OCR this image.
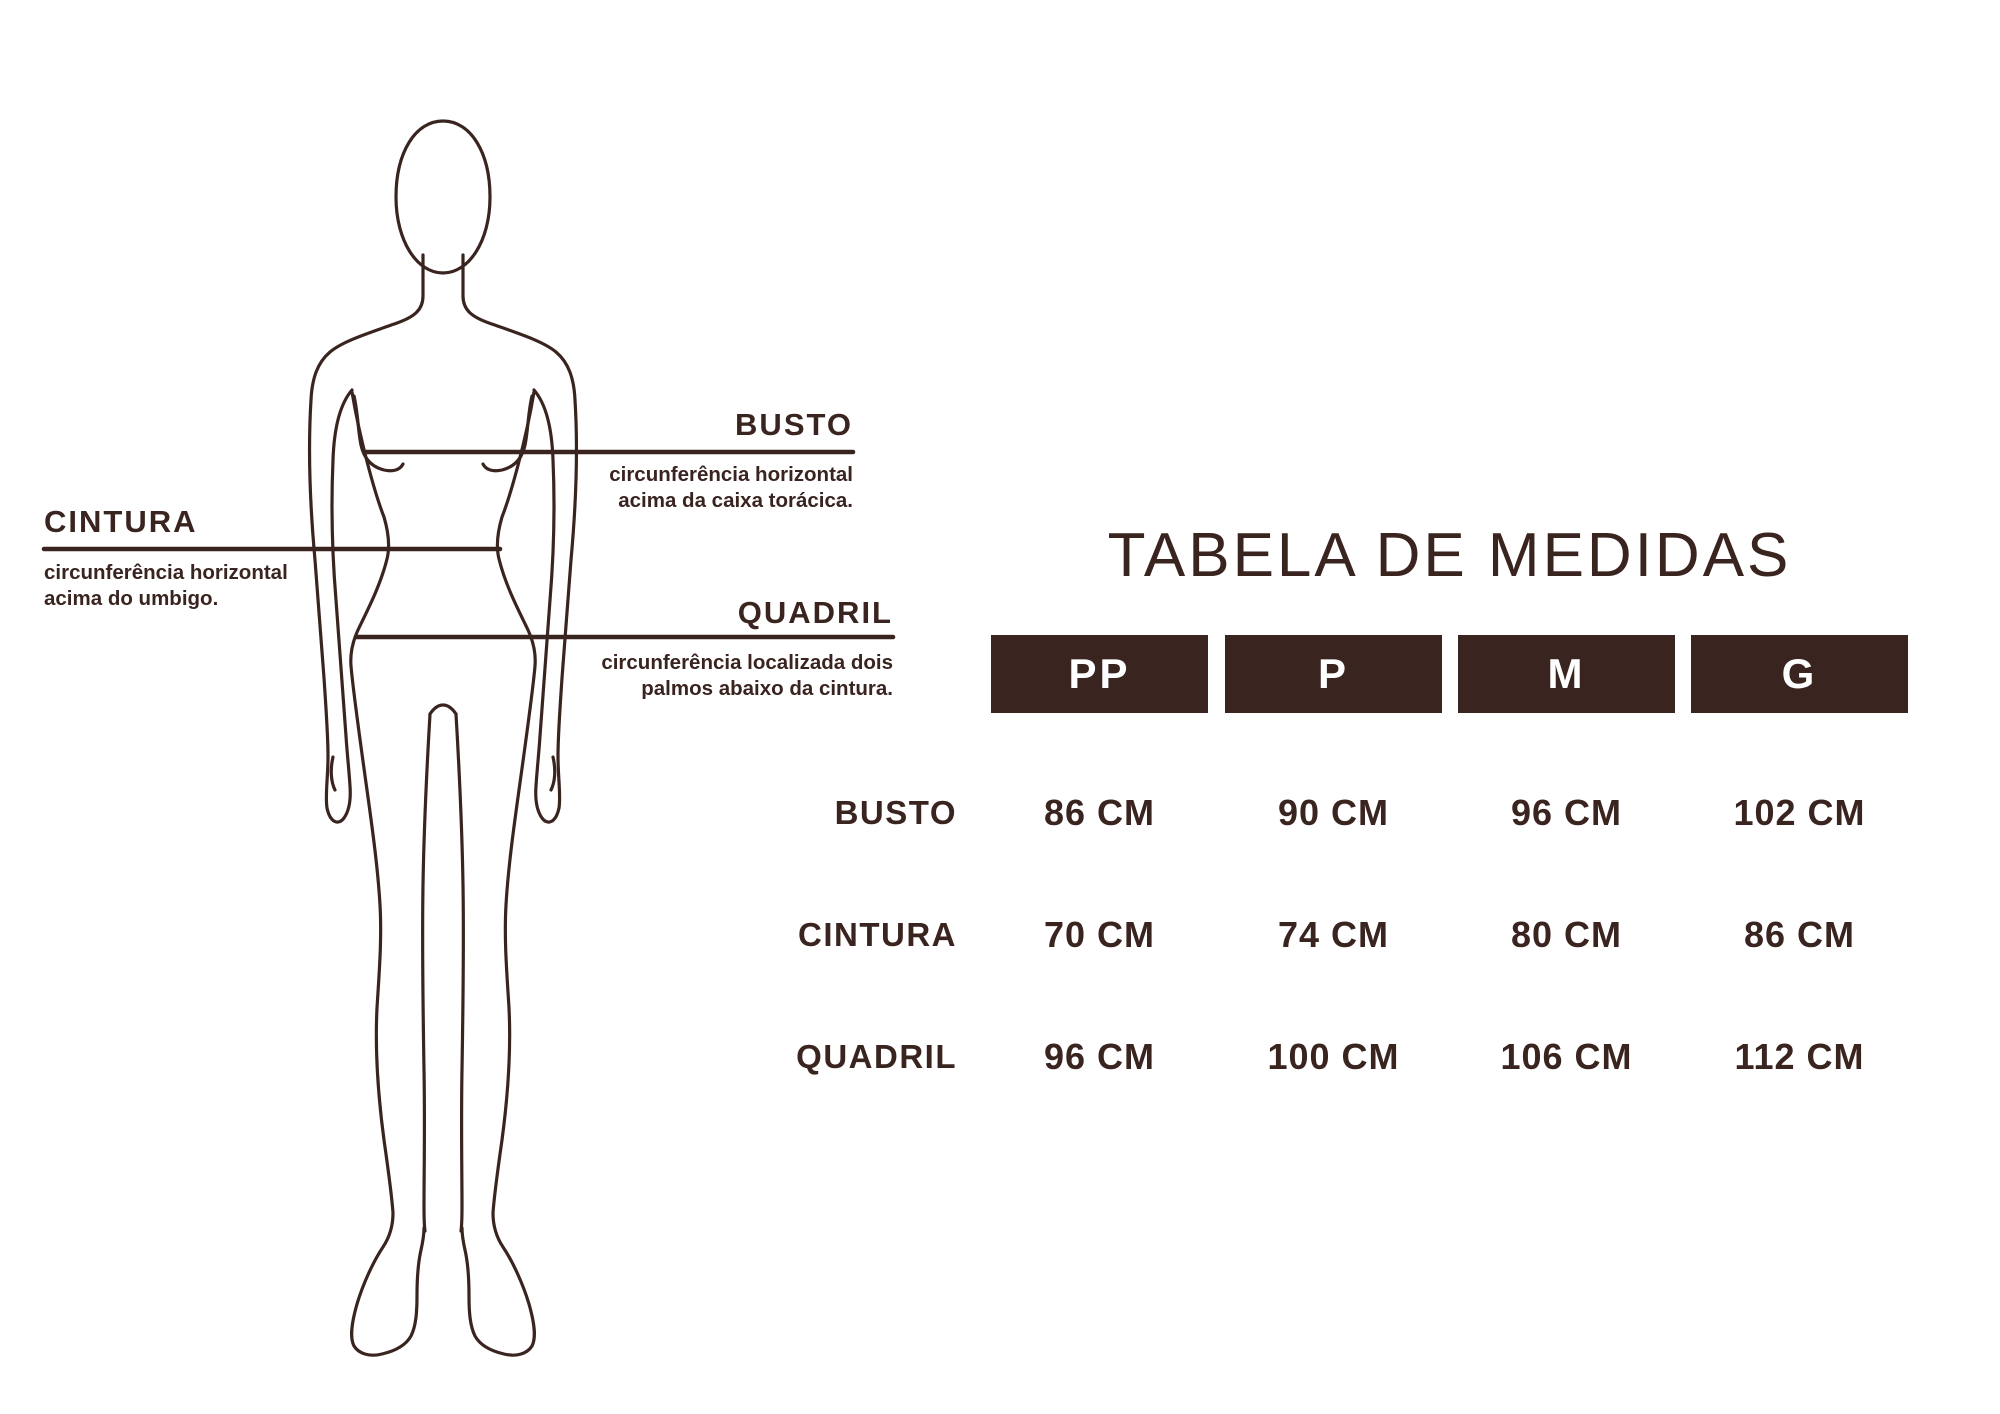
BUSTO
circunferência horizontal
acima da caixa torácica.
CINTURA
circunferência horizontal
acima do umbigo.	QUADRIL
circunferência localizada dois
palmos abaixo da cintura.
TABELA DE MEDIDAS
PP	P	M	G
BUSTO	86 CM	90 CM	96 CM	102 CM
CINTURA	70 CM	74 CM	80 CM	86 CM
QUADRIL	96 CM	100 CM	106 CM	112 CM
